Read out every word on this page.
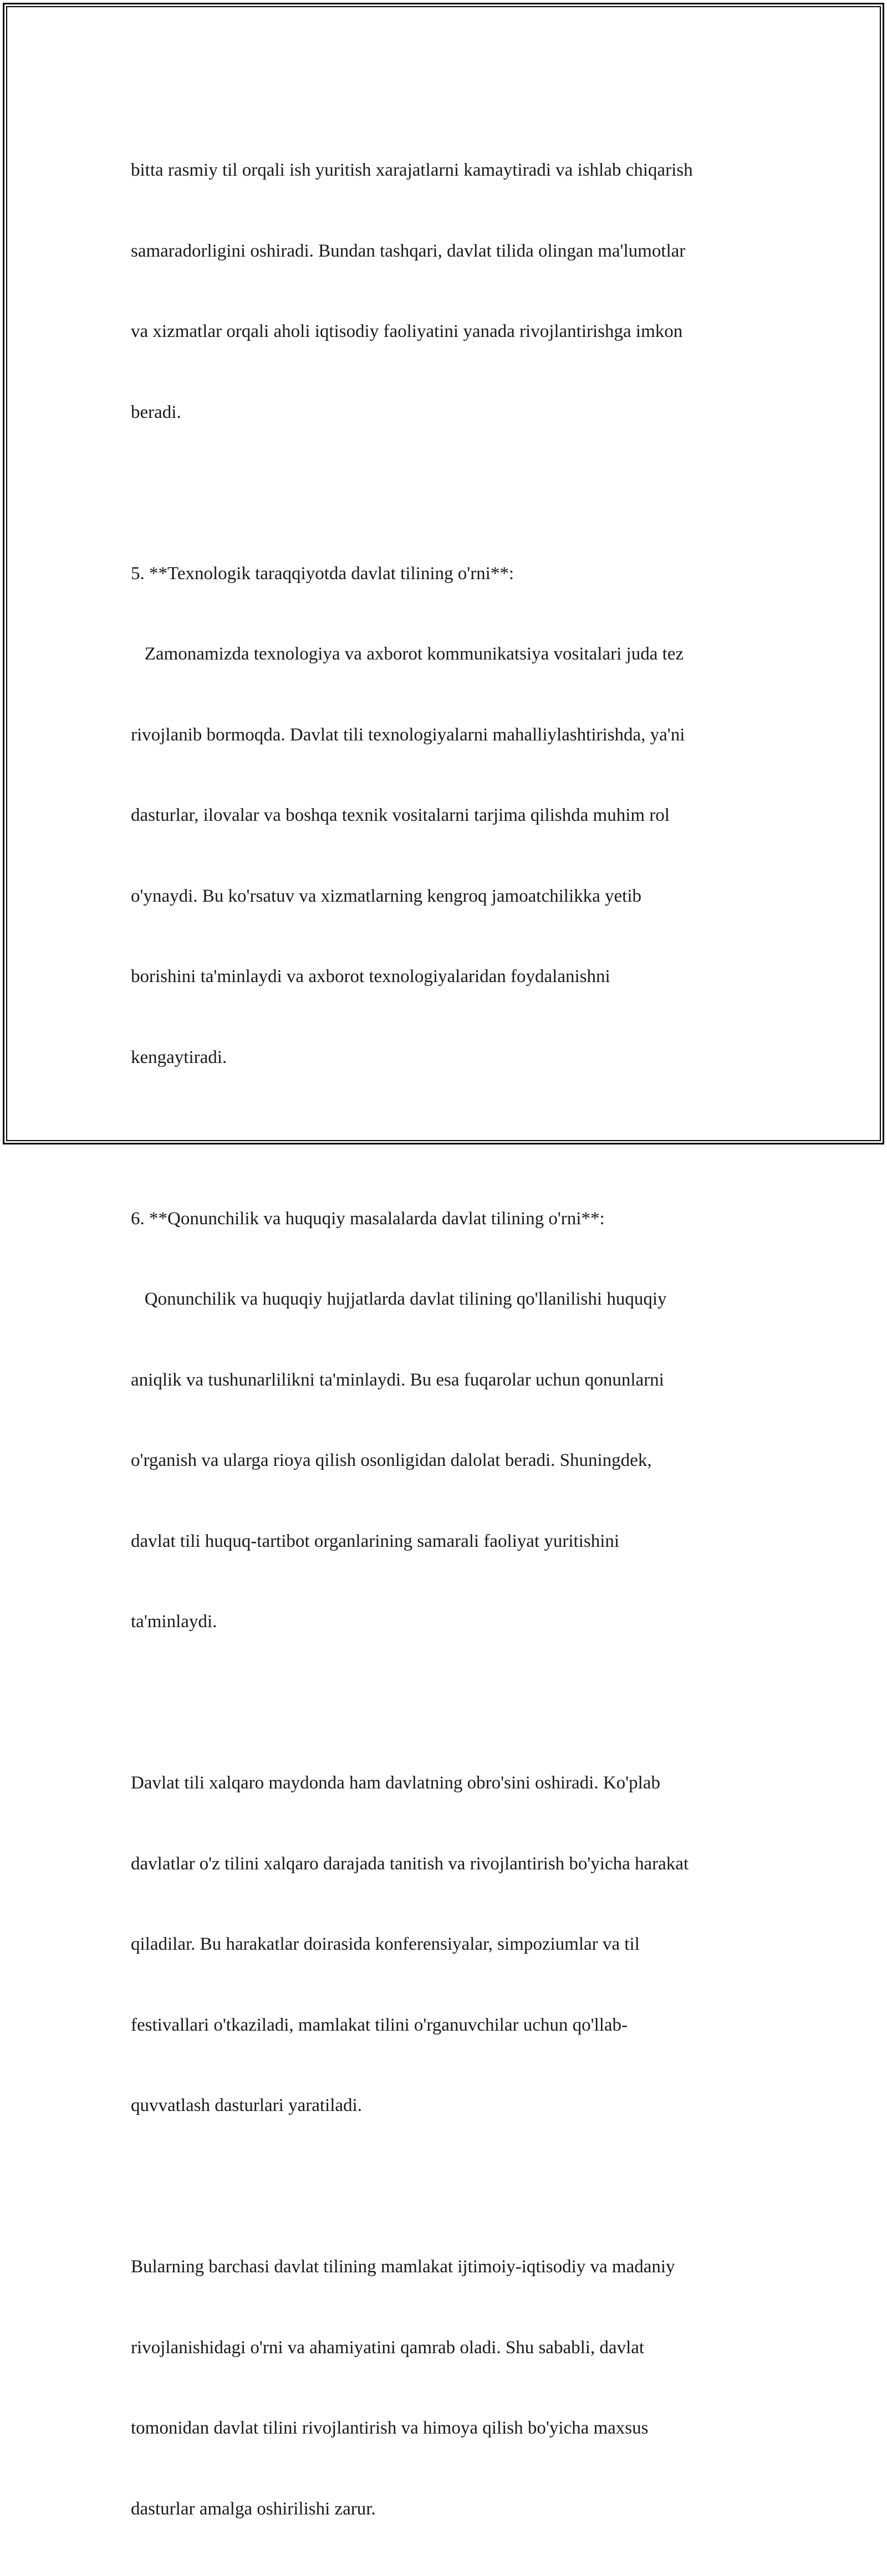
bitta rasmiy til orqali ish yuritish xarajatlarni kamaytiradi va ishlab chiqarish

samaradorligini oshiradi. Bundan tashqari, davlat tilida olingan ma'lumotlar

va xizmatlar orqali aholi iqtisodiy faoliyatini yanada rivojlantirishga imkon

beradi.

5. **Texnologik taraqqiyotda davlat tilining o'rni**:

Zamonamizda texnologiya va axborot kommunikatsiya vositalari juda tez

rivojlanib bormoqda. Davlat tili texnologiyalarni mahalliylashtirishda, ya'ni

dasturlar, ilovalar va boshqa texnik vositalarni tarjima qilishda muhim rol

o'ynaydi. Bu ko'rsatuv va xizmatlarning kengroq jamoatchilikka yetib

borishini ta'minlaydi va axborot texnologiyalaridan foydalanishni

kengaytiradi.

6. **Qonunchilik va huquqiy masalalarda davlat tilining o'rni**:

Qonunchilik va huquqiy hujjatlarda davlat tilining qo'llanilishi huquqiy

aniqlik va tushunarlilikni ta'minlaydi. Bu esa fuqarolar uchun qonunlarni

o'rganish va ularga rioya qilish osonligidan dalolat beradi. Shuningdek,

davlat tili huquq-tartibot organlarining samarali faoliyat yuritishini

ta'minlaydi.

Davlat tili xalqaro maydonda ham davlatning obro'sini oshiradi. Ko'plab

davlatlar o'z tilini xalqaro darajada tanitish va rivojlantirish bo'yicha harakat

qiladilar. Bu harakatlar doirasida konferensiyalar, simpoziumlar va til

festivallari o'tkaziladi, mamlakat tilini o'rganuvchilar uchun qo'llab-

quvvatlash dasturlari yaratiladi.

Bularning barchasi davlat tilining mamlakat ijtimoiy-iqtisodiy va madaniy

rivojlanishidagi o'rni va ahamiyatini qamrab oladi. Shu sababli, davlat

tomonidan davlat tilini rivojlantirish va himoya qilish bo'yicha maxsus

dasturlar amalga oshirilishi zarur.
